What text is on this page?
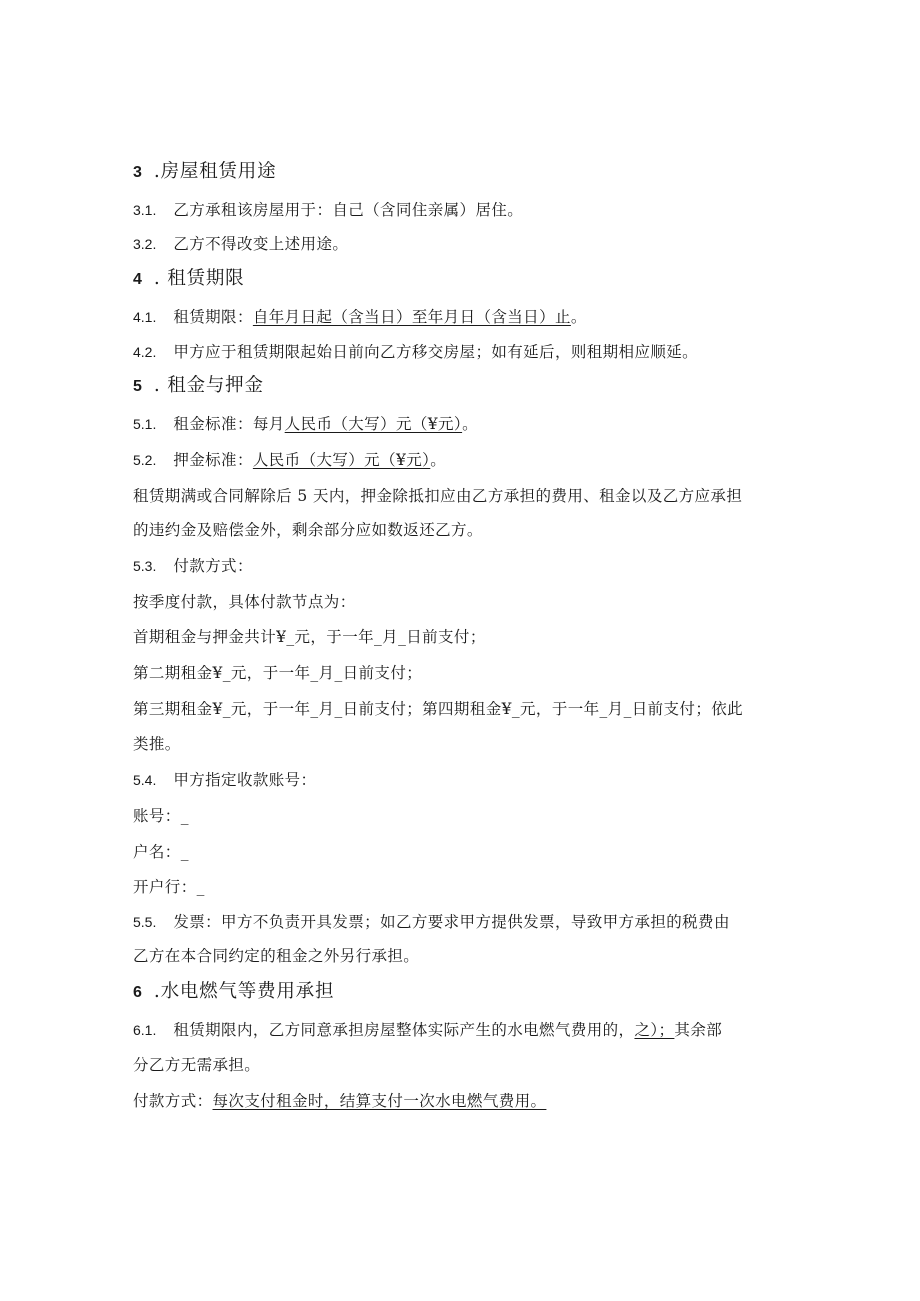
3 .房屋租赁用途
3.1. 乙方承租该房屋用于：自己（含同住亲属）居住。
3.2. 乙方不得改变上述用途。
4 . 租赁期限
4.1. 租赁期限：自年月日起（含当日）至年月日（含当日）止。
4.2. 甲方应于租赁期限起始日前向乙方移交房屋；如有延后，则租期相应顺延。
5 . 租金与押金
5.1. 租金标准：每月人民币（大写）元（¥元）。
5.2. 押金标准：人民币（大写）元（¥元）。
租赁期满或合同解除后 5 天内，押金除抵扣应由乙方承担的费用、租金以及乙方应承担
的违约金及赔偿金外，剩余部分应如数返还乙方。
5.3. 付款方式：
按季度付款，具体付款节点为：
首期租金与押金共计¥_元，于一年_月_日前支付；
第二期租金¥_元，于一年_月_日前支付；
第三期租金¥_元，于一年_月_日前支付；第四期租金¥_元，于一年_月_日前支付；依此
类推。
5.4. 甲方指定收款账号：
账号：_
户名：_
开户行：_
5.5. 发票：甲方不负责开具发票；如乙方要求甲方提供发票，导致甲方承担的税费由
乙方在本合同约定的租金之外另行承担。
6 .水电燃气等费用承担
6.1. 租赁期限内，乙方同意承担房屋整体实际产生的水电燃气费用的，之）；其余部
分乙方无需承担。
付款方式：每次支付租金时，结算支付一次水电燃气费用。
